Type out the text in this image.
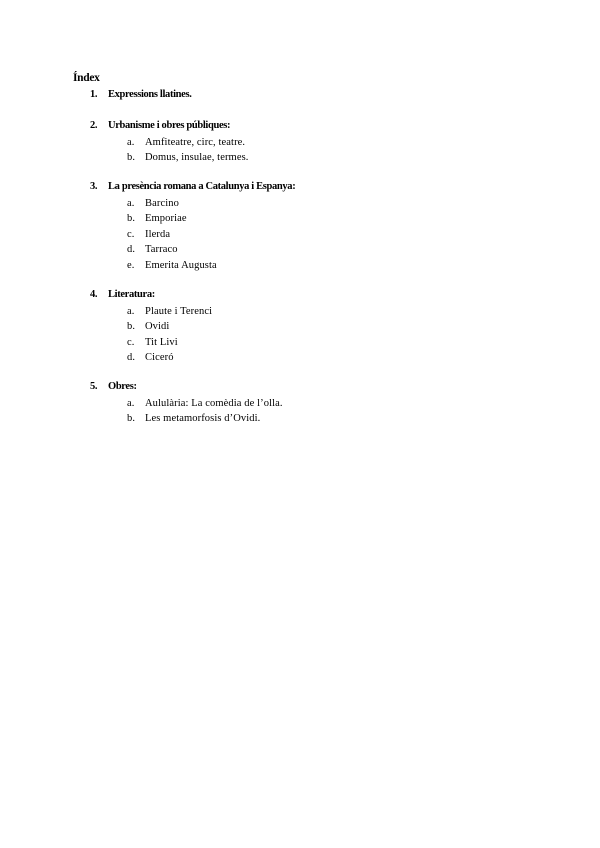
Índex
1. Expressions llatines.
2. Urbanisme i obres públiques:
a. Amfiteatre, circ, teatre.
b. Domus, insulae, termes.
3. La presència romana a Catalunya i Espanya:
a. Barcino
b. Emporiae
c. Ilerda
d. Tarraco
e. Emerita Augusta
4. Literatura:
a. Plaute i Terenci
b. Ovidi
c. Tit Livi
d. Ciceró
5. Obres:
a. Aululària: La comèdia de l’olla.
b. Les metamorfosis d’Ovidi.
